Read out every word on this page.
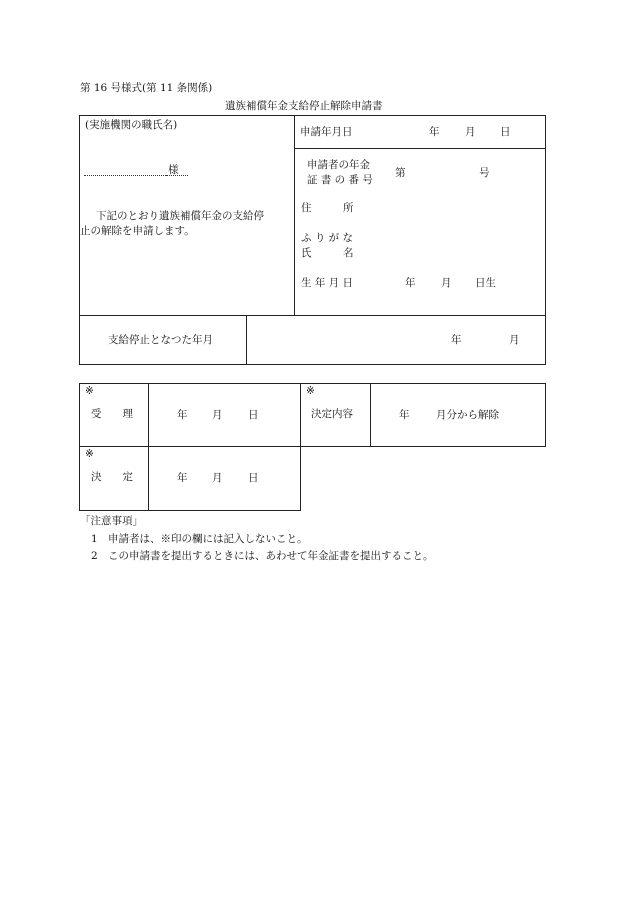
第 16 号様式(第 11 条関係)
遺族補償年金支給停止解除申請書
(実施機関の職氏名)
様
下記のとおり遺族補償年金の支給停
止の解除を申請します。
申請年月日	年 月 日
申請者の年金
証 書 の 番 号
第	号
住　　　所
ふ り が な
氏　　　名
生 年 月 日	年 月 日生
支給停止となつた年月	年	月
※
受　　理	年 月 日
※
決定内容	年	月分から解除
※
決　　定	年 月 日
「注意事項」
1 申請者は、※印の欄には記入しないこと。
2 この申請書を提出するときには、あわせて年金証書を提出すること。
